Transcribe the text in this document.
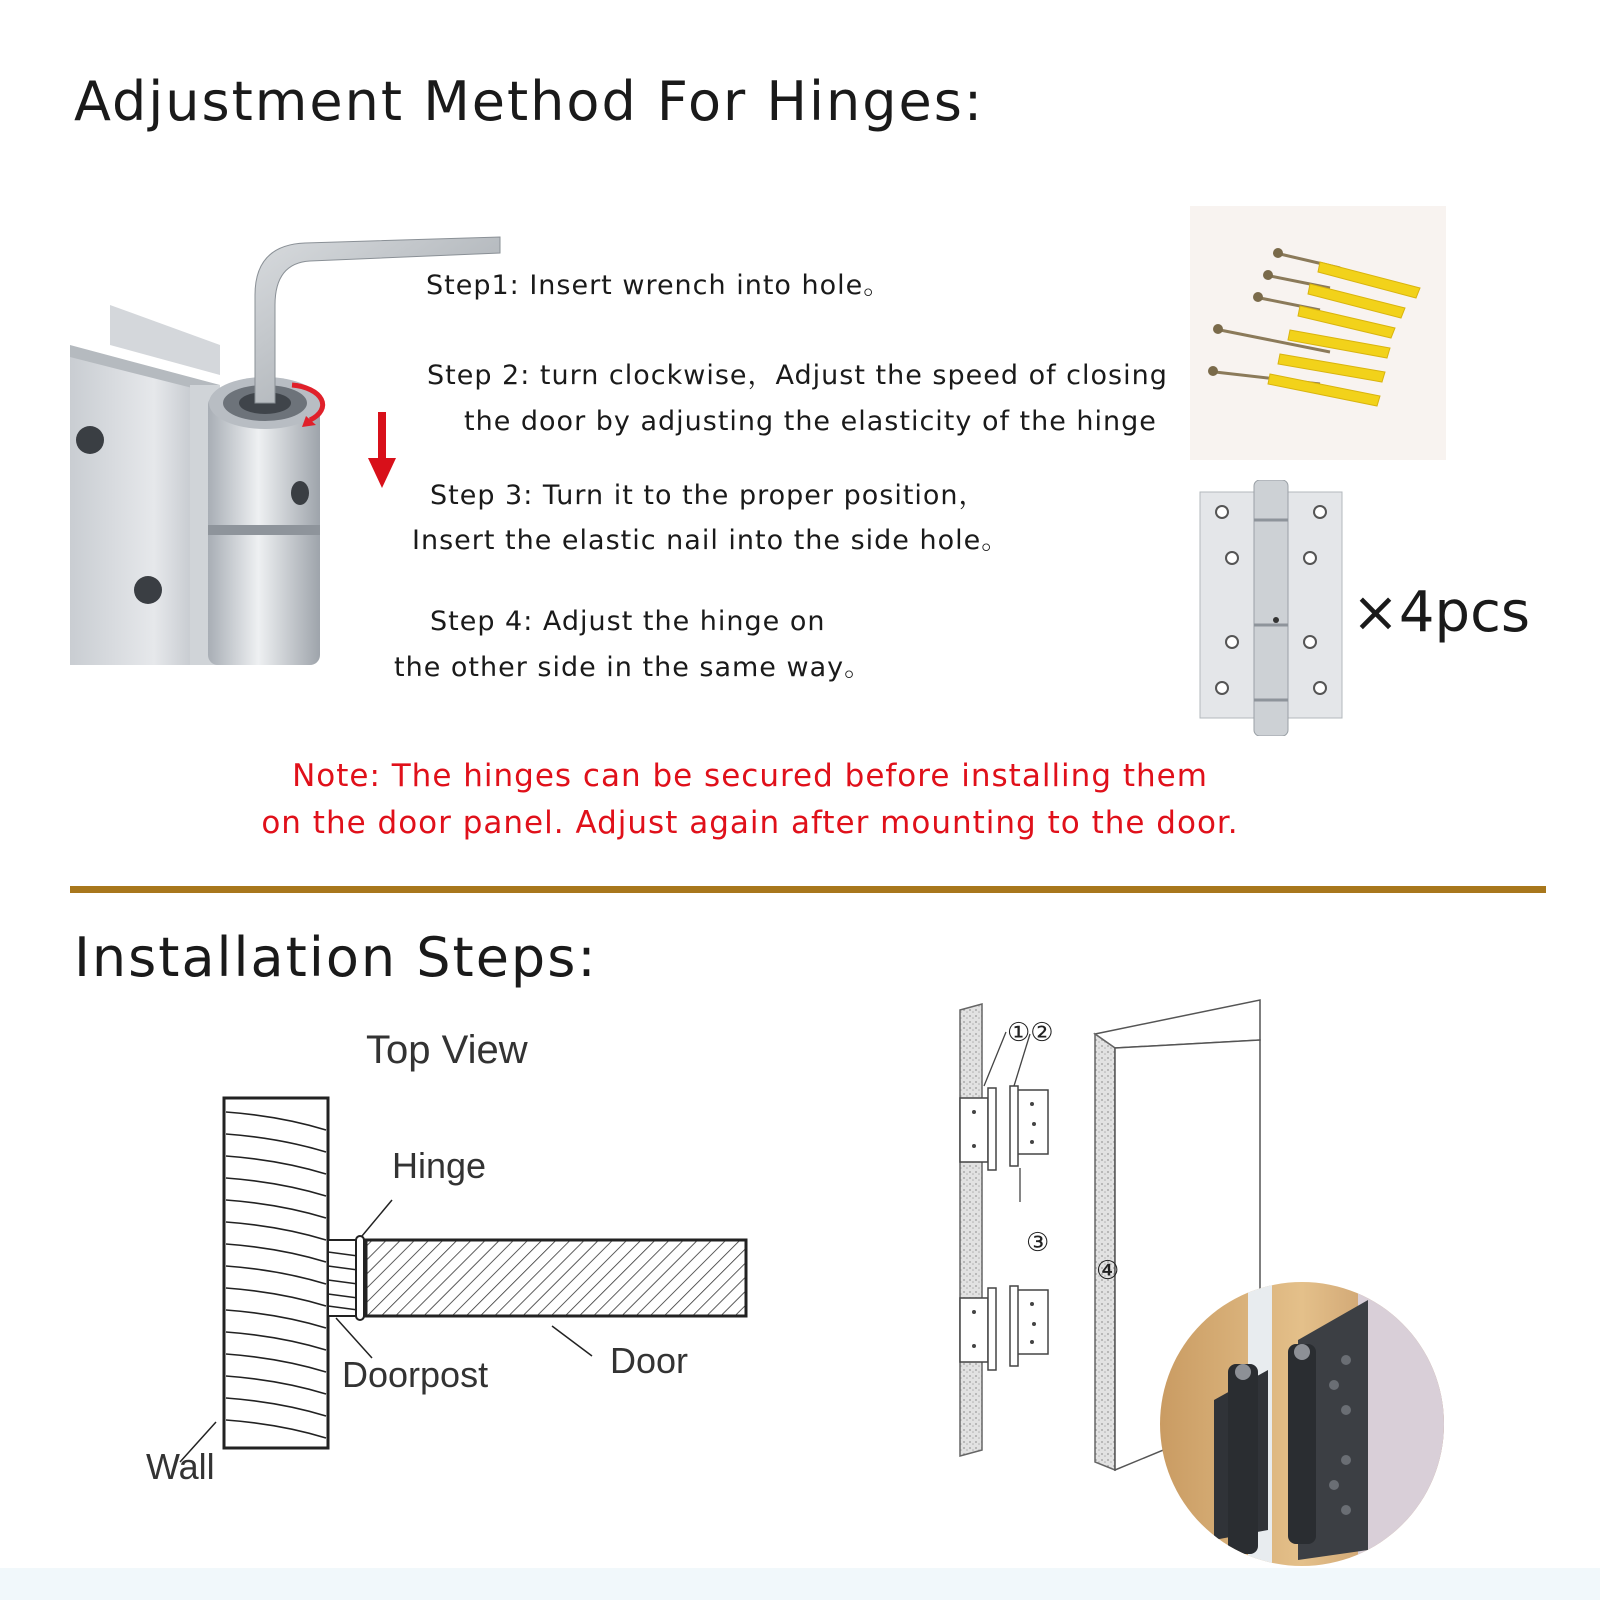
Adjustment Method For Hinges:
Step1: Insert wrench into hole。
Step 2: turn clockwise，Adjust the speed of closing
the door by adjusting the elasticity of the hinge
Step 3: Turn it to the proper position，
Insert the elastic nail into the side hole。
Step 4: Adjust the hinge on
the other side in the same way。
×4pcs
Note: The hinges can be secured before installing them
on the door panel. Adjust again after mounting to the door.
Installation Steps:
Top View
Hinge
Doorpost	Door
Wall
①②
③
④
